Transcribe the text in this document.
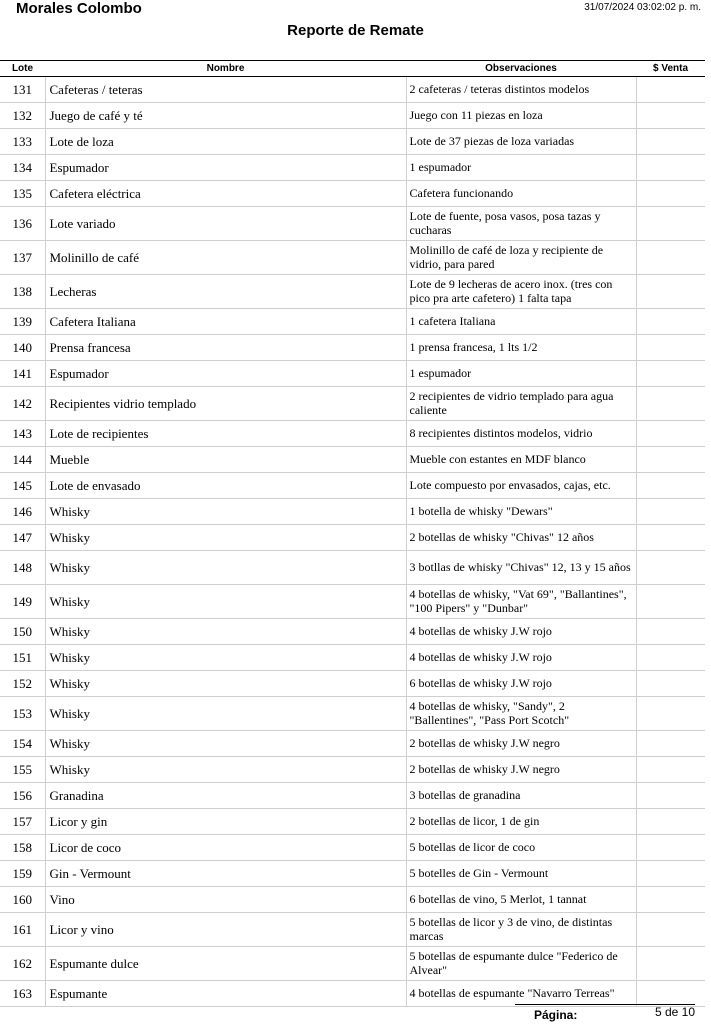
Morales Colombo	31/07/2024 03:02:02 p. m.
Reporte de Remate
Lote	Nombre	Observaciones	$ Venta
131	Cafeteras / teteras	2 cafeteras / teteras distintos modelos	
132	Juego de café y té	Juego con 11 piezas en loza	
133	Lote de loza	Lote de 37 piezas de loza variadas	
134	Espumador	1 espumador	
135	Cafetera eléctrica	Cafetera funcionando	
136	Lote variado	Lote de fuente, posa vasos, posa tazas y cucharas	
137	Molinillo de café	Molinillo de café de loza y recipiente de vidrio, para pared	
138	Lecheras	Lote de 9 lecheras de acero inox. (tres con pico pra arte cafetero) 1 falta tapa	
139	Cafetera Italiana	1 cafetera Italiana	
140	Prensa francesa	1 prensa francesa, 1 lts 1/2	
141	Espumador	1 espumador	
142	Recipientes vidrio templado	2 recipientes de vidrio templado para agua caliente	
143	Lote de recipientes	8 recipientes distintos modelos, vidrio	
144	Mueble	Mueble con estantes en MDF blanco	
145	Lote de envasado	Lote compuesto por envasados, cajas, etc.	
146	Whisky	1 botella de whisky "Dewars"	
147	Whisky	2 botellas de whisky "Chivas" 12 años	
148	Whisky	3 botllas de whisky "Chivas" 12, 13 y 15 años	
149	Whisky	4 botellas de whisky, "Vat 69", "Ballantines", "100 Pipers" y "Dunbar"	
150	Whisky	4 botellas de whisky J.W rojo	
151	Whisky	4 botellas de whisky J.W rojo	
152	Whisky	6 botellas de whisky J.W rojo	
153	Whisky	4 botellas de whisky, "Sandy", 2 "Ballentines", "Pass Port Scotch"	
154	Whisky	2 botellas de whisky J.W negro	
155	Whisky	2 botellas de whisky J.W negro	
156	Granadina	3 botellas de granadina	
157	Licor y gin	2 botellas de licor, 1 de gin	
158	Licor de coco	5 botellas de licor de coco	
159	Gin - Vermount	5 botelles de Gin - Vermount	
160	Vino	6 botellas de vino, 5 Merlot, 1 tannat	
161	Licor y vino	5 botellas de licor y 3 de vino, de distintas marcas	
162	Espumante dulce	5 botellas de espumante dulce "Federico de Alvear"	
163	Espumante	4 botellas de espumante "Navarro Terreas"	
Página:	5 de 10
